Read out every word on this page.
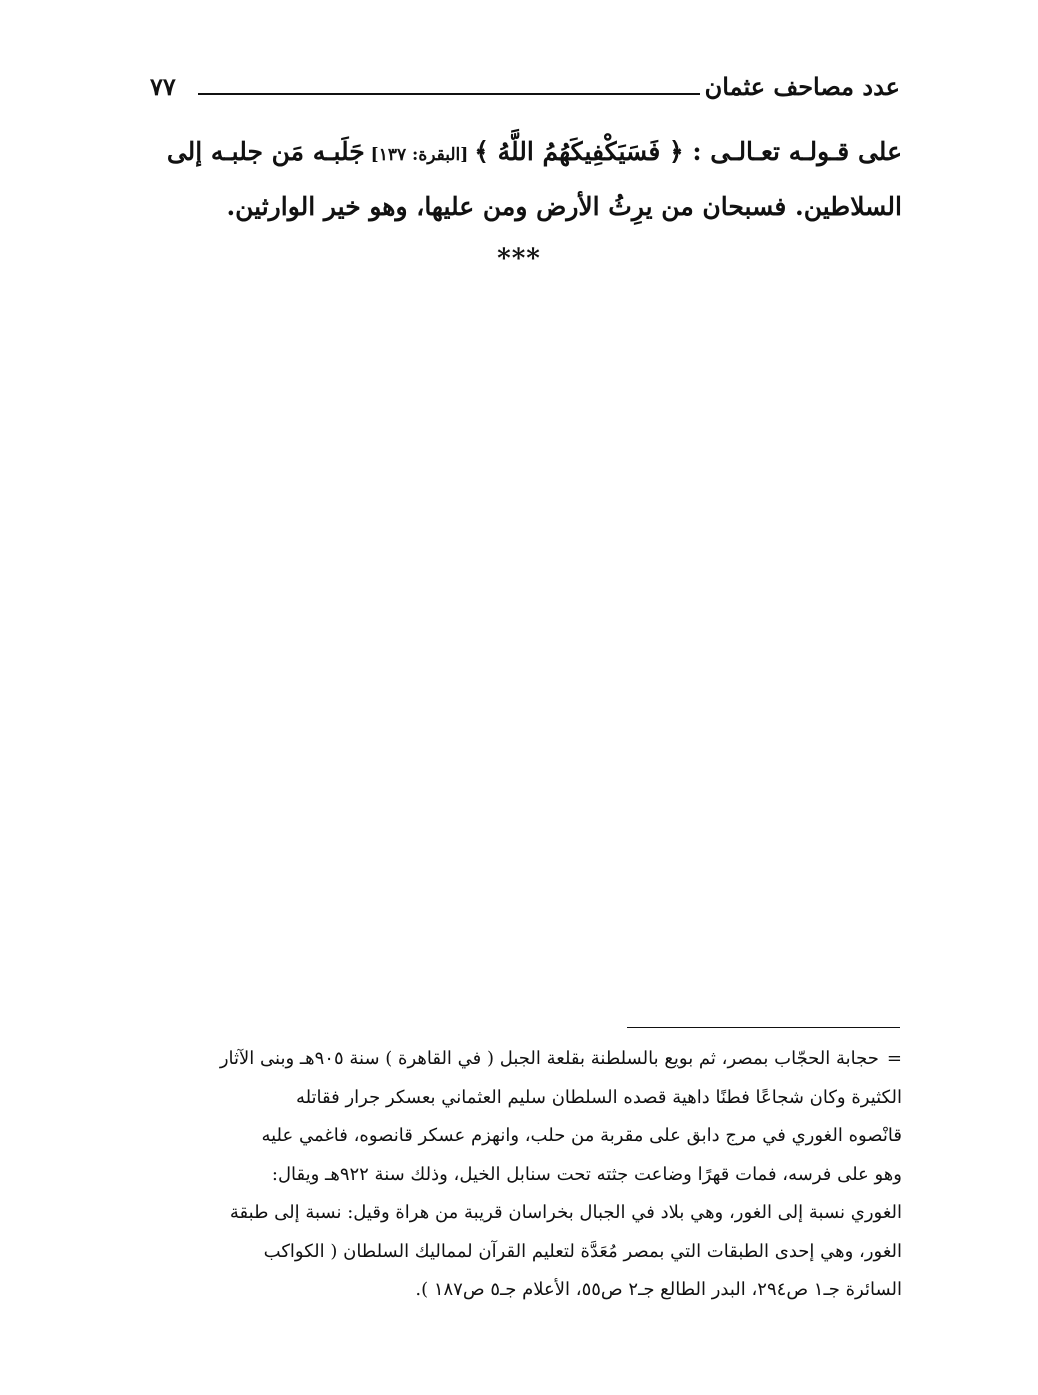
عدد مصاحف عثمان
٧٧
على قـولـه تعـالـى : ﴿ فَسَيَكْفِيكَهُمُ اللَّهُ ﴾ [البقرة: ١٣٧] جَلَبـه مَن جلبـه إلى
السلاطين. فسبحان من يرِثُ الأرض ومن عليها، وهو خير الوارثين.
***
=حجابة الحجّاب بمصر، ثم بويع بالسلطنة بقلعة الجبل ( في القاهرة ) سنة ٩٠٥هـ وبنى الآثار
الكثيرة وكان شجاعًا فطنًا داهية قصده السلطان سليم العثماني بعسكر جرار فقاتله
قانْصوه الغوري في مرج دابق على مقربة من حلب، وانهزم عسكر قانصوه، فاغمي عليه
وهو على فرسه، فمات قهرًا وضاعت جثته تحت سنابل الخيل، وذلك سنة ٩٢٢هـ ويقال:
الغوري نسبة إلى الغور، وهي بلاد في الجبال بخراسان قريبة من هراة وقيل: نسبة إلى طبقة
الغور، وهي إحدى الطبقات التي بمصر مُعَدَّة لتعليم القرآن لمماليك السلطان ( الكواكب
السائرة جـ١ ص٢٩٤، البدر الطالع جـ٢ ص٥٥، الأعلام جـ٥ ص١٨٧ ).
